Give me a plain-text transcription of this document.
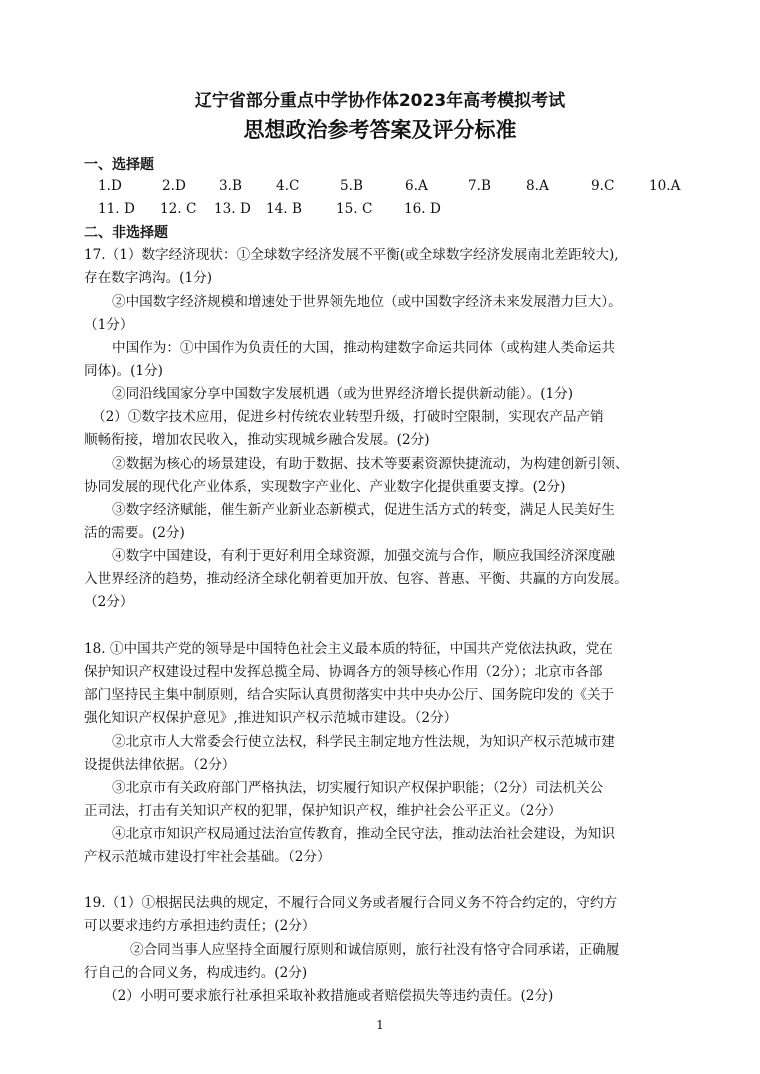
辽宁省部分重点中学协作体2023年高考模拟考试
思想政治参考答案及评分标准
一、选择题
1.D	2.D 3.B	4.C	5.B	6.A	7.B	8.A	9.C	10.A
11. D 12. C 13. D 14. B	15. C 16. D
二、非选择题
17.（1）数字经济现状：①全球数字经济发展不平衡(或全球数字经济发展南北差距较大),
存在数字鸿沟。(1分)
②中国数字经济规模和增速处于世界领先地位（或中国数字经济未来发展潜力巨大）。
（1分）
中国作为：①中国作为负责任的大国，推动构建数字命运共同体（或构建人类命运共
同体)。(1分)
②同沿线国家分享中国数字发展机遇（或为世界经济增长提供新动能）。(1分)
（2）①数字技术应用，促进乡村传统农业转型升级，打破时空限制，实现农产品产销
顺畅衔接，增加农民收入，推动实现城乡融合发展。(2分)
②数据为核心的场景建设，有助于数据、技术等要素资源快捷流动，为构建创新引领、
协同发展的现代化产业体系，实现数字产业化、产业数字化提供重要支撑。(2分)
③数字经济赋能，催生新产业新业态新模式，促进生活方式的转变，满足人民美好生
活的需要。(2分)
④数字中国建设，有利于更好利用全球资源，加强交流与合作，顺应我国经济深度融
入世界经济的趋势，推动经济全球化朝着更加开放、包容、普惠、平衡、共赢的方向发展。
（2分）
18. ①中国共产党的领导是中国特色社会主义最本质的特征，中国共产党依法执政，党在
保护知识产权建设过程中发挥总揽全局、协调各方的领导核心作用（2分）；北京市各部
部门坚持民主集中制原则，结合实际认真贯彻落实中共中央办公厅、国务院印发的《关于
强化知识产权保护意见》,推进知识产权示范城市建设。（2分）
②北京市人大常委会行使立法权，科学民主制定地方性法规，为知识产权示范城市建
设提供法律依据。（2分）
③北京市有关政府部门严格执法，切实履行知识产权保护职能；（2分）司法机关公
正司法，打击有关知识产权的犯罪，保护知识产权，维护社会公平正义。（2分）
④北京市知识产权局通过法治宣传教育，推动全民守法，推动法治社会建设，为知识
产权示范城市建设打牢社会基础。（2分）
19.（1）①根据民法典的规定，不履行合同义务或者履行合同义务不符合约定的，守约方
可以要求违约方承担违约责任；(2分）
②合同当事人应坚持全面履行原则和诚信原则，旅行社没有恪守合同承诺，正确履
行自己的合同义务，构成违约。(2分)
（2）小明可要求旅行社承担采取补救措施或者赔偿损失等违约责任。(2分)
1
